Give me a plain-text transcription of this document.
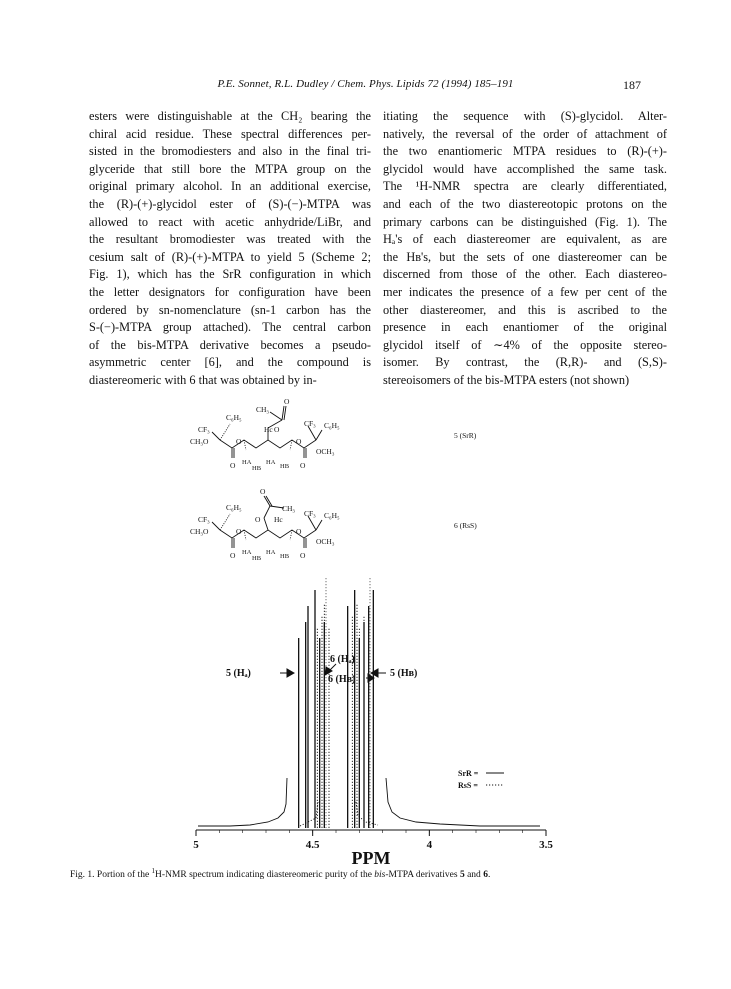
P.E. Sonnet, R.L. Dudley / Chem. Phys. Lipids 72 (1994) 185–191	187
esters were distinguishable at the CH₂ bearing the
chiral acid residue. These spectral differences per-
sisted in the bromodiesters and also in the final tri-
glyceride that still bore the MTPA group on the
original primary alcohol. In an additional exercise,
the (R)-(+)-glycidol ester of (S)-(−)-MTPA was
allowed to react with acetic anhydride/LiBr, and
the resultant bromodiester was treated with the
cesium salt of (R)-(+)-MTPA to yield 5 (Scheme 2;
Fig. 1), which has the SrR configuration in which
the letter designators for configuration have been
ordered by sn-nomenclature (sn-1 carbon has the
S-(−)-MTPA group attached). The central carbon
of the bis-MTPA derivative becomes a pseudo-
asymmetric center [6], and the compound is
diastereomeric with 6 that was obtained by in-
itiating the sequence with (S)-glycidol. Alter-
natively, the reversal of the order of attachment of
the two enantiomeric MTPA residues to (R)-(+)-
glycidol would have accomplished the same task.
The ¹H-NMR spectra are clearly differentiated,
and each of the two diastereotopic protons on the
primary carbons can be distinguished (Fig. 1). The
Hₐ's of each diastereomer are equivalent, as are
the Hʙ's, but the sets of one diastereomer can be
discerned from those of the other. Each diastereo-
mer indicates the presence of a few per cent of the
other diastereomer, and this is ascribed to the
presence in each enantiomer of the original
glycidol itself of ∼4% of the opposite stereo-
isomer. By contrast, the (R,R)- and (S,S)-
stereoisomers of the bis-MTPA esters (not shown)
CH₃
O
C₆H₅
CF₃	Hc O
CF₃ C₆H₅
CH₃O	O	O
OCH₃
O HA
HB
HA
HB O
5 (SrR)
O
CH₃
C₆H₅
CF₃	O Hc
CF₃ C₆H₅
CH₃O	O	O
OCH₃
O HA
HB
HA
HB O
6 (RsS)
5 (Hₐ)
6 (Hₐ)
6 (Hʙ)
5 (Hʙ)
SrR =
RsS =
5	4.5	4	3.5
PPM
Fig. 1. Portion of the $^1$H-NMR spectrum indicating diastereomeric purity of the bis-MTPA derivatives 5 and 6.
